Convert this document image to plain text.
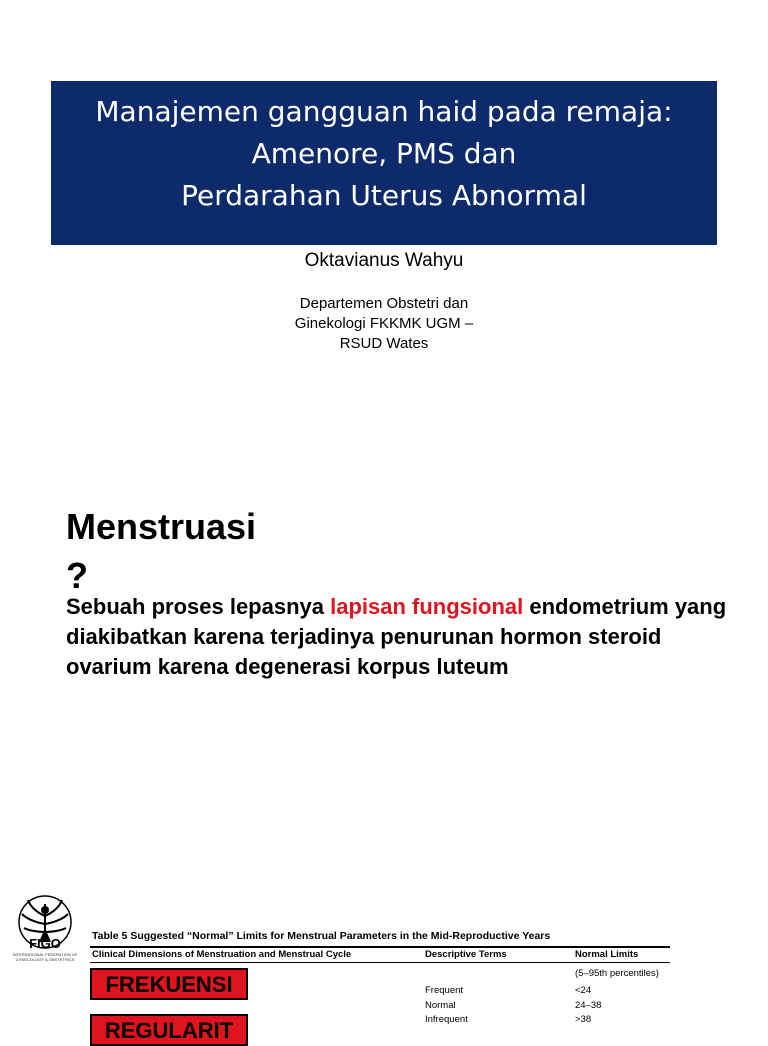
Manajemen gangguan haid pada remaja:
Amenore, PMS dan
Perdarahan Uterus Abnormal
Oktavianus Wahyu
Departemen Obstetri dan
Ginekologi FKKMK UGM –
RSUD Wates
Menstruasi
?
Sebuah proses lepasnya lapisan fungsional endometrium yang diakibatkan karena terjadinya penurunan hormon steroid ovarium karena degenerasi korpus luteum
FIGO
INTERNATIONAL FEDERATION OF GYNECOLOGY & OBSTETRICS
Table 5 Suggested “Normal” Limits for Menstrual Parameters in the Mid-Reproductive Years
Clinical Dimensions of Menstruation and Menstrual Cycle	Descriptive Terms	Normal Limits
(5–95th percentiles)
Frequent	<24
Normal	24–38
Infrequent	>38
FREKUENSI
REGULARIT
